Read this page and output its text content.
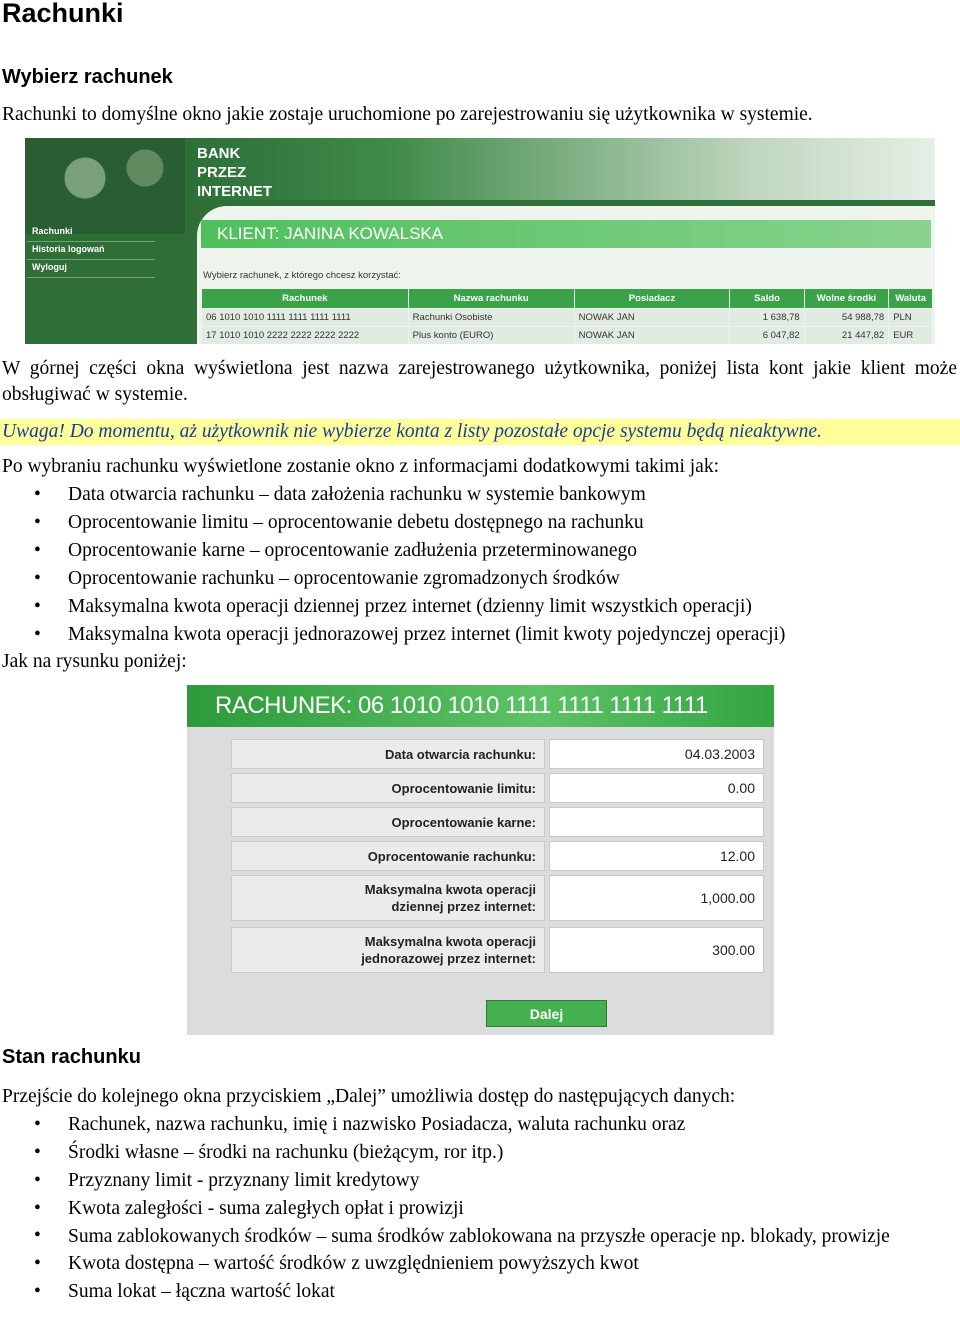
Rachunki
Wybierz rachunek
Rachunki to domyślne okno jakie zostaje uruchomione po zarejestrowaniu się użytkownika w systemie.
BANK
PRZEZ
INTERNET
Rachunki
Historia logowań
Wyloguj
KLIENT: JANINA KOWALSKA
Wybierz rachunek, z którego chcesz korzystać:
Rachunek	Nazwa rachunku	Posiadacz	Saldo	Wolne środki	Waluta
06 1010 1010 1111 1111 1111 1111	Rachunki Osobiste	NOWAK JAN	1 638,78	54 988,78	PLN
17 1010 1010 2222 2222 2222 2222	Plus konto (EURO)	NOWAK JAN	6 047,82	21 447,82	EUR
W górnej części okna wyświetlona jest nazwa zarejestrowanego użytkownika, poniżej lista kont jakie klient może obsługiwać w systemie.
Uwaga! Do momentu, aż użytkownik nie wybierze konta z listy pozostałe opcje systemu będą nieaktywne.
Po wybraniu rachunku wyświetlone zostanie okno z informacjami dodatkowymi takimi jak:
• Data otwarcia rachunku – data założenia rachunku w systemie bankowym
• Oprocentowanie limitu – oprocentowanie debetu dostępnego na rachunku
• Oprocentowanie karne – oprocentowanie zadłużenia przeterminowanego
• Oprocentowanie rachunku – oprocentowanie zgromadzonych środków
• Maksymalna kwota operacji dziennej przez internet (dzienny limit wszystkich operacji)
• Maksymalna kwota operacji jednorazowej przez internet (limit kwoty pojedynczej operacji)
Jak na rysunku poniżej:
RACHUNEK: 06 1010 1010 1111 1111 1111 1111
Data otwarcia rachunku:	04.03.2003
Oprocentowanie limitu:	0.00
Oprocentowanie karne:
Oprocentowanie rachunku:	12.00
Maksymalna kwota operacji dziennej przez internet:
1,000.00
Maksymalna kwota operacji jednorazowej przez internet:
300.00
Dalej
Stan rachunku
Przejście do kolejnego okna przyciskiem „Dalej” umożliwia dostęp do następujących danych:
• Rachunek, nazwa rachunku, imię i nazwisko Posiadacza, waluta rachunku oraz
• Środki własne – środki na rachunku (bieżącym, ror itp.)
• Przyznany limit - przyznany limit kredytowy
• Kwota zaległości - suma zaległych opłat i prowizji
• Suma zablokowanych środków – suma środków zablokowana na przyszłe operacje np. blokady, prowizje
• Kwota dostępna – wartość środków z uwzględnieniem powyższych kwot
• Suma lokat – łączna wartość lokat
